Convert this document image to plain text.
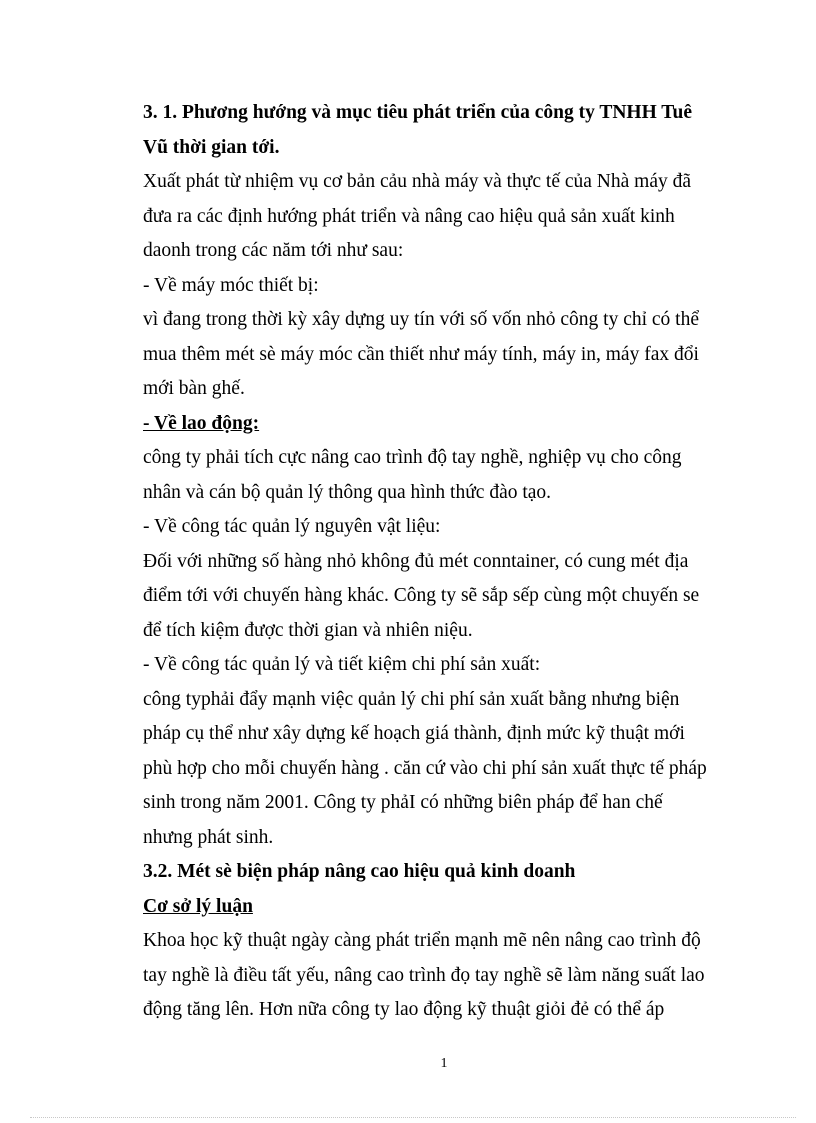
3. 1. Phương hướng và mục tiêu phát triển của công ty TNHH Tuê
Vũ thời gian tới.
Xuất phát từ nhiệm vụ cơ bản cảu nhà máy và thực tế của Nhà máy đã
đưa ra các định hướng phát triển và nâng cao hiệu quả sản xuất kinh
daonh trong các năm tới như sau:
- Về máy móc thiết bị:
vì đang trong thời kỳ xây dựng uy tín với số vốn nhỏ công ty chỉ có thể
mua thêm mét sè máy móc cần thiết như máy tính, máy in, máy fax đổi
mới bàn ghế.
- Về lao động:
công ty phải tích cực nâng cao trình độ tay nghề, nghiệp vụ cho công
nhân và cán bộ quản lý thông qua hình thức đào tạo.
- Về công tác quản lý nguyên vật liệu:
Đối với những số hàng nhỏ không đủ mét conntainer, có cung mét địa
điểm tới với chuyến hàng khác. Công ty sẽ sắp sếp cùng một chuyến se
để tích kiệm được thời gian và nhiên niệu.
- Về công tác quản lý và tiết kiệm chi phí sản xuất:
công typhải đẩy mạnh việc quản lý chi phí sản xuất bằng nhưng biện
pháp cụ thể như xây dựng kế hoạch giá thành, định mức kỹ thuật mới
phù hợp cho mỗi chuyến hàng . căn cứ vào chi phí sản xuất thực tế pháp
sinh trong năm 2001. Công ty phảI có những biên pháp để han chế
nhưng phát sinh.
3.2. Mét sè biện pháp nâng cao hiệu quả kinh doanh
Cơ sở lý luận
Khoa học kỹ thuật ngày càng phát triển mạnh mẽ nên nâng cao trình độ
tay nghề là điều tất yếu, nâng cao trình đọ tay nghề sẽ làm năng suất lao
động tăng lên. Hơn nữa công ty lao động kỹ thuật giỏi đẻ có thể áp
1
